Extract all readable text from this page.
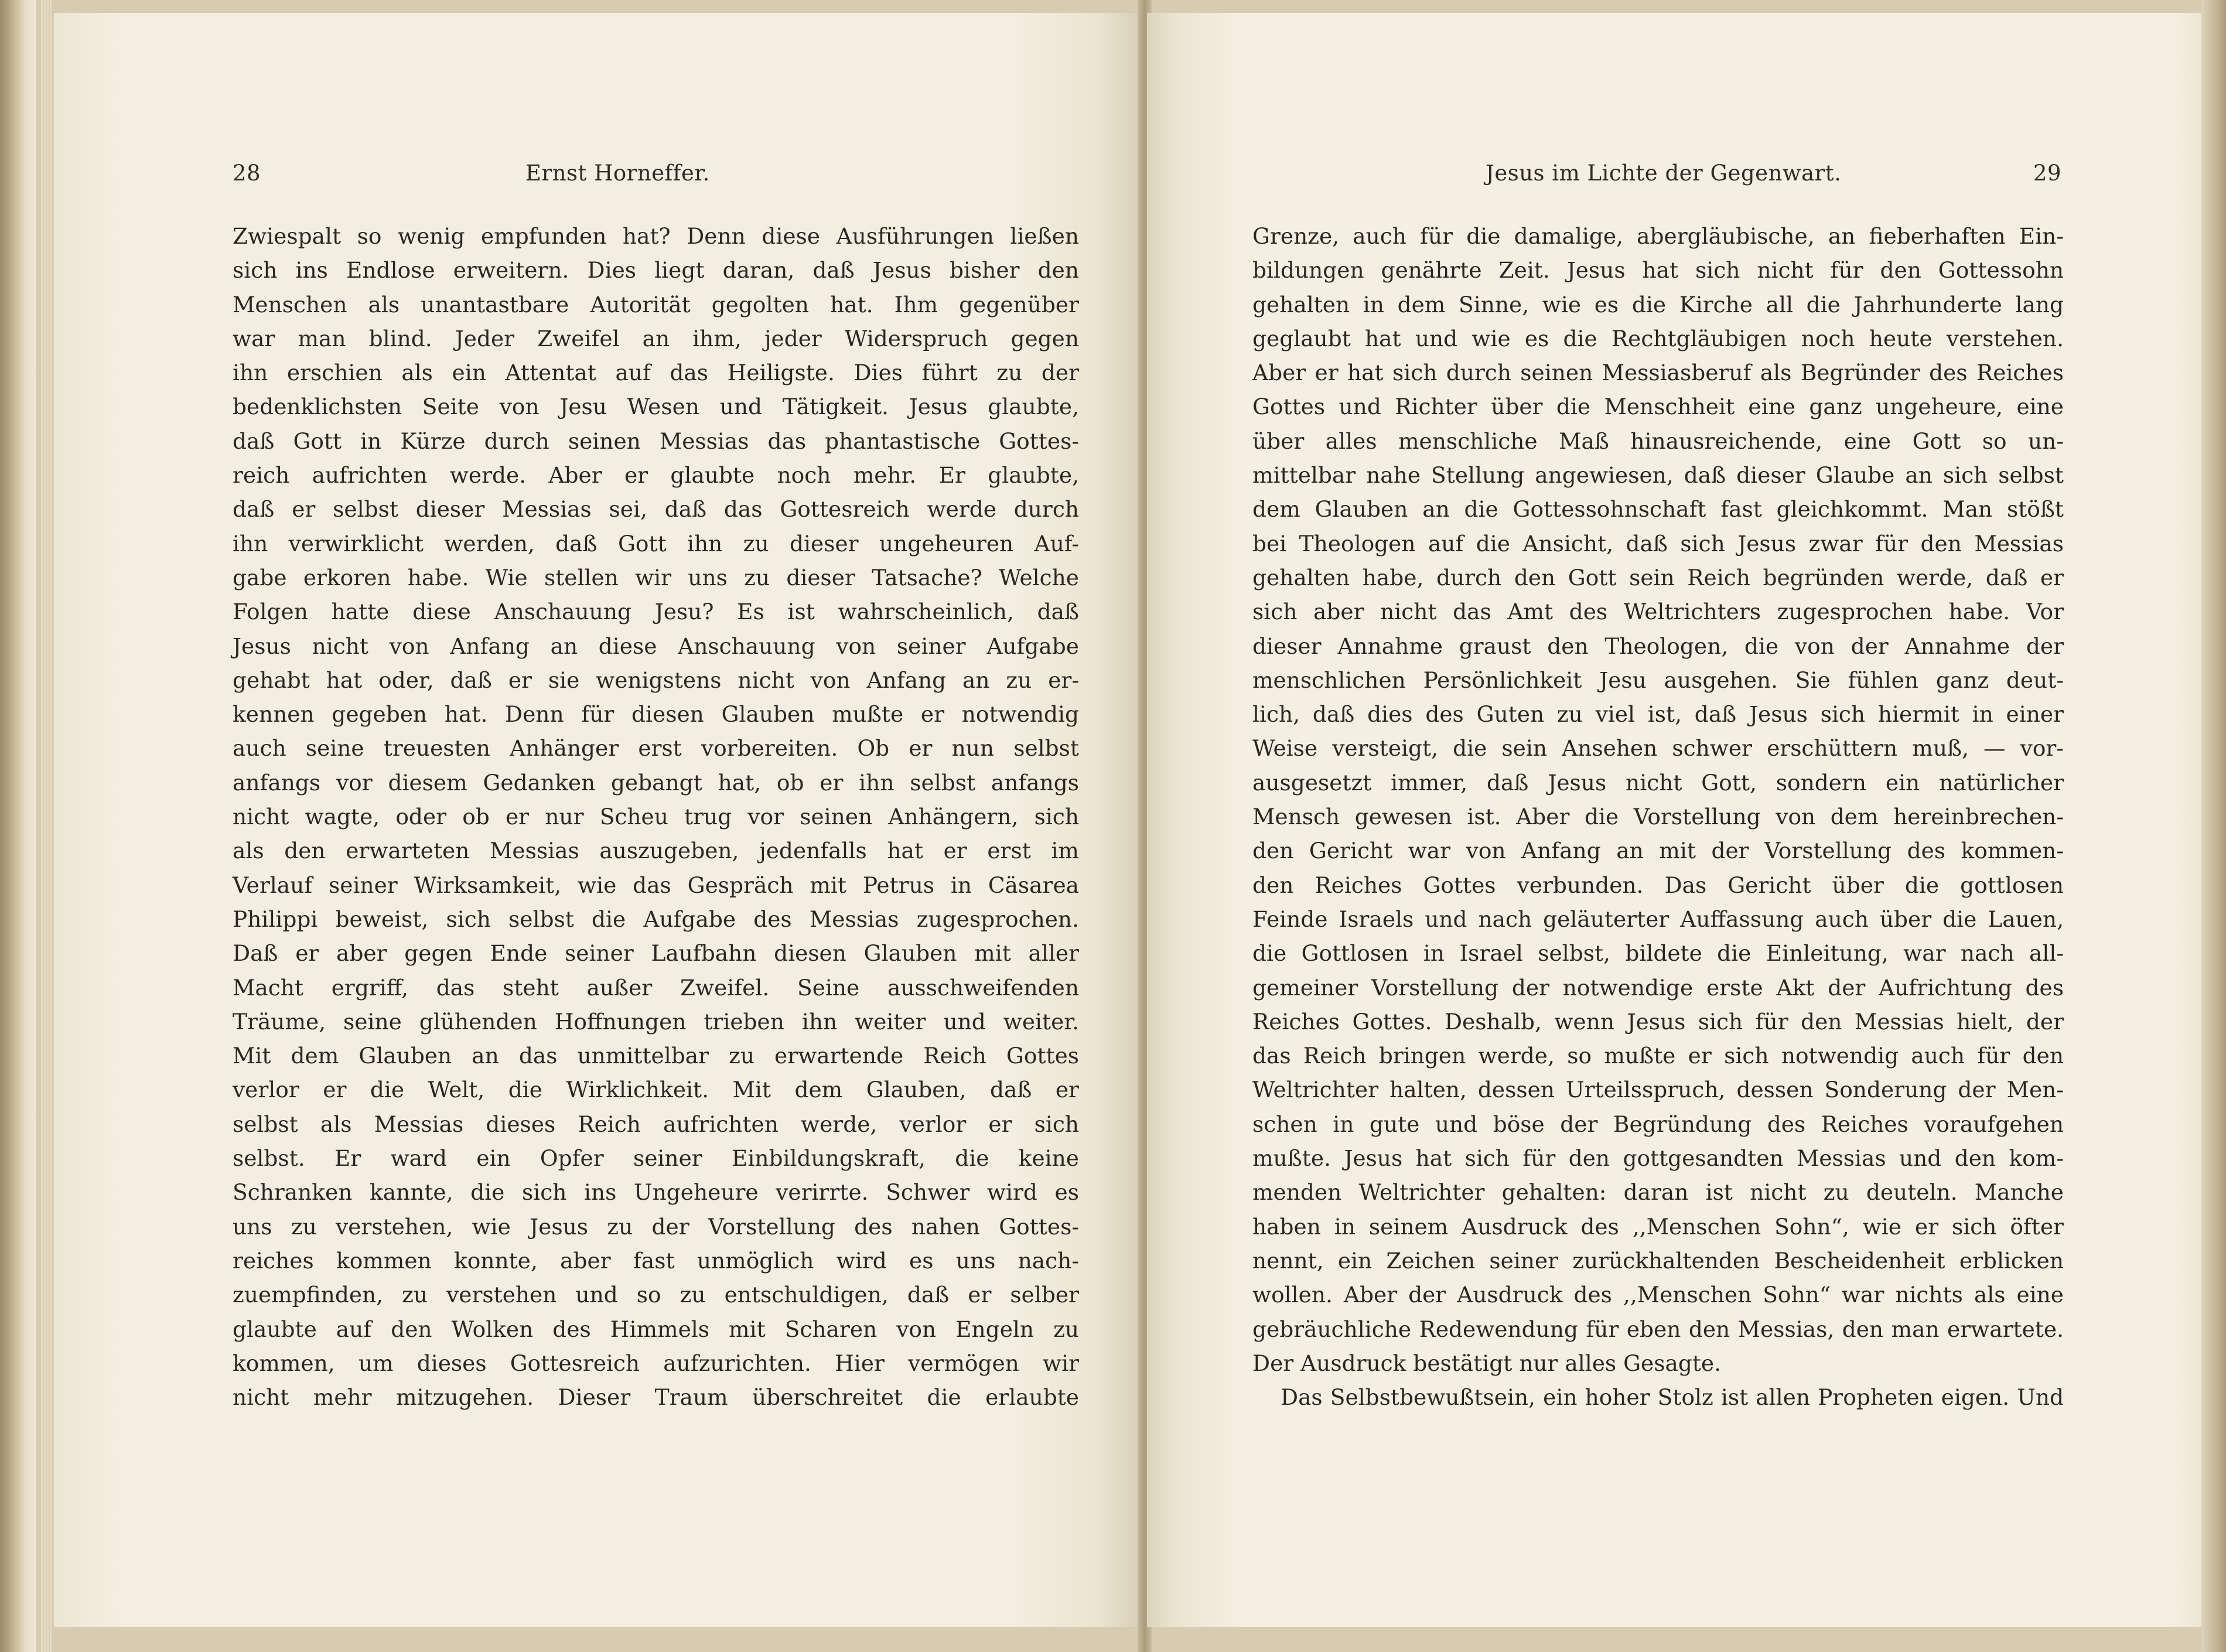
28	Ernst Horneffer.
Zwiespalt so wenig empfunden hat? Denn diese Ausführungen ließen
sich ins Endlose erweitern. Dies liegt daran, daß Jesus bisher den
Menschen als unantastbare Autorität gegolten hat. Ihm gegenüber
war man blind. Jeder Zweifel an ihm, jeder Widerspruch gegen
ihn erschien als ein Attentat auf das Heiligste. Dies führt zu der
bedenklichsten Seite von Jesu Wesen und Tätigkeit. Jesus glaubte,
daß Gott in Kürze durch seinen Messias das phantastische Gottes-
reich aufrichten werde. Aber er glaubte noch mehr. Er glaubte,
daß er selbst dieser Messias sei, daß das Gottesreich werde durch
ihn verwirklicht werden, daß Gott ihn zu dieser ungeheuren Auf-
gabe erkoren habe. Wie stellen wir uns zu dieser Tatsache? Welche
Folgen hatte diese Anschauung Jesu? Es ist wahrscheinlich, daß
Jesus nicht von Anfang an diese Anschauung von seiner Aufgabe
gehabt hat oder, daß er sie wenigstens nicht von Anfang an zu er-
kennen gegeben hat. Denn für diesen Glauben mußte er notwendig
auch seine treuesten Anhänger erst vorbereiten. Ob er nun selbst
anfangs vor diesem Gedanken gebangt hat, ob er ihn selbst anfangs
nicht wagte, oder ob er nur Scheu trug vor seinen Anhängern, sich
als den erwarteten Messias auszugeben, jedenfalls hat er erst im
Verlauf seiner Wirksamkeit, wie das Gespräch mit Petrus in Cäsarea
Philippi beweist, sich selbst die Aufgabe des Messias zugesprochen.
Daß er aber gegen Ende seiner Laufbahn diesen Glauben mit aller
Macht ergriff, das steht außer Zweifel. Seine ausschweifenden
Träume, seine glühenden Hoffnungen trieben ihn weiter und weiter.
Mit dem Glauben an das unmittelbar zu erwartende Reich Gottes
verlor er die Welt, die Wirklichkeit. Mit dem Glauben, daß er
selbst als Messias dieses Reich aufrichten werde, verlor er sich
selbst. Er ward ein Opfer seiner Einbildungskraft, die keine
Schranken kannte, die sich ins Ungeheure verirrte. Schwer wird es
uns zu verstehen, wie Jesus zu der Vorstellung des nahen Gottes-
reiches kommen konnte, aber fast unmöglich wird es uns nach-
zuempfinden, zu verstehen und so zu entschuldigen, daß er selber
glaubte auf den Wolken des Himmels mit Scharen von Engeln zu
kommen, um dieses Gottesreich aufzurichten. Hier vermögen wir
nicht mehr mitzugehen. Dieser Traum überschreitet die erlaubte
Jesus im Lichte der Gegenwart.	29
Grenze, auch für die damalige, abergläubische, an fieberhaften Ein-
bildungen genährte Zeit. Jesus hat sich nicht für den Gottessohn
gehalten in dem Sinne, wie es die Kirche all die Jahrhunderte lang
geglaubt hat und wie es die Rechtgläubigen noch heute verstehen.
Aber er hat sich durch seinen Messiasberuf als Begründer des Reiches
Gottes und Richter über die Menschheit eine ganz ungeheure, eine
über alles menschliche Maß hinausreichende, eine Gott so un-
mittelbar nahe Stellung angewiesen, daß dieser Glaube an sich selbst
dem Glauben an die Gottessohnschaft fast gleichkommt. Man stößt
bei Theologen auf die Ansicht, daß sich Jesus zwar für den Messias
gehalten habe, durch den Gott sein Reich begründen werde, daß er
sich aber nicht das Amt des Weltrichters zugesprochen habe. Vor
dieser Annahme graust den Theologen, die von der Annahme der
menschlichen Persönlichkeit Jesu ausgehen. Sie fühlen ganz deut-
lich, daß dies des Guten zu viel ist, daß Jesus sich hiermit in einer
Weise versteigt, die sein Ansehen schwer erschüttern muß, — vor-
ausgesetzt immer, daß Jesus nicht Gott, sondern ein natürlicher
Mensch gewesen ist. Aber die Vorstellung von dem hereinbrechen-
den Gericht war von Anfang an mit der Vorstellung des kommen-
den Reiches Gottes verbunden. Das Gericht über die gottlosen
Feinde Israels und nach geläuterter Auffassung auch über die Lauen,
die Gottlosen in Israel selbst, bildete die Einleitung, war nach all-
gemeiner Vorstellung der notwendige erste Akt der Aufrichtung des
Reiches Gottes. Deshalb, wenn Jesus sich für den Messias hielt, der
das Reich bringen werde, so mußte er sich notwendig auch für den
Weltrichter halten, dessen Urteilsspruch, dessen Sonderung der Men-
schen in gute und böse der Begründung des Reiches voraufgehen
mußte. Jesus hat sich für den gottgesandten Messias und den kom-
menden Weltrichter gehalten: daran ist nicht zu deuteln. Manche
haben in seinem Ausdruck des ,,Menschen Sohn“, wie er sich öfter
nennt, ein Zeichen seiner zurückhaltenden Bescheidenheit erblicken
wollen. Aber der Ausdruck des ,,Menschen Sohn“ war nichts als eine
gebräuchliche Redewendung für eben den Messias, den man erwartete.
Der Ausdruck bestätigt nur alles Gesagte.
Das Selbstbewußtsein, ein hoher Stolz ist allen Propheten eigen. Und
